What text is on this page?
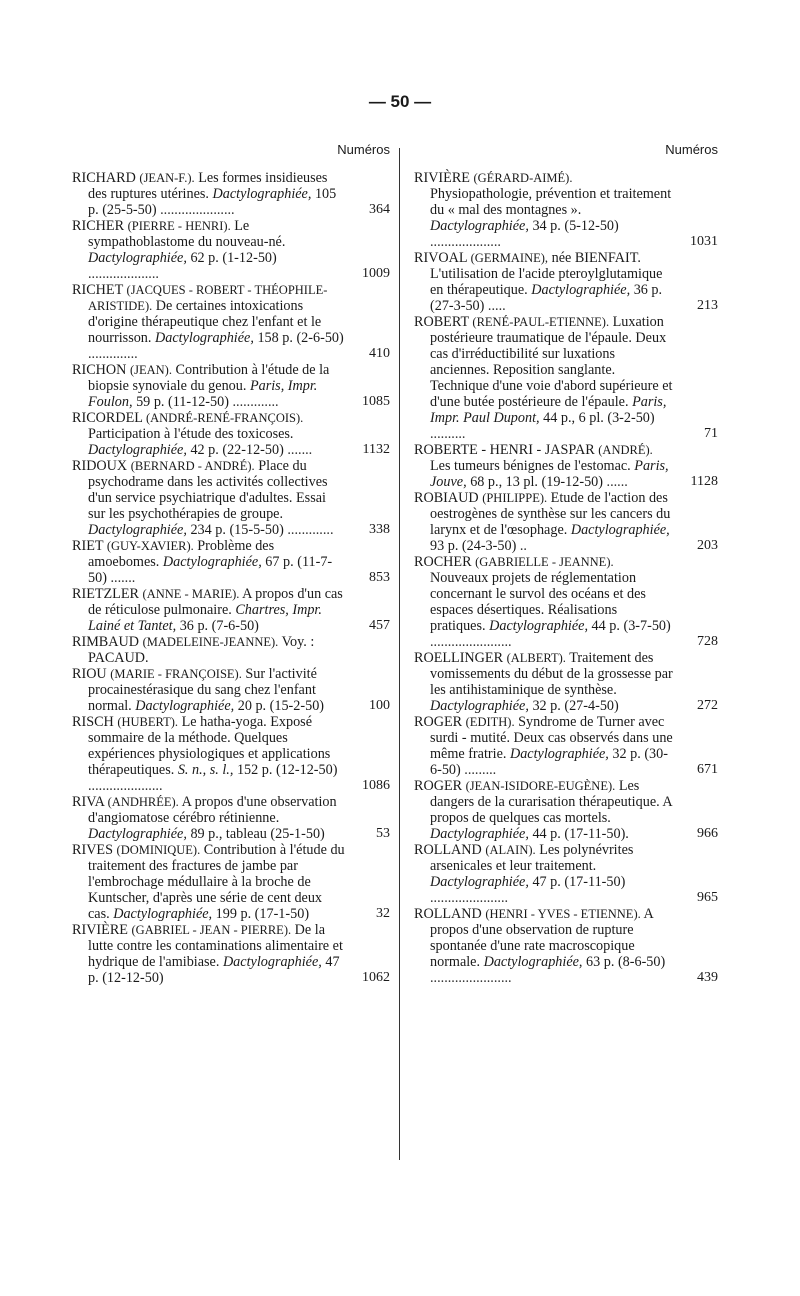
— 50 —
Numéros

RICHARD (JEAN-F.). Les formes insidieuses des ruptures utérines. Dactylographiée, 105 p. (25-5-50) .....................	364

RICHER (PIERRE - HENRI). Le sympathoblastome du nouveau-né. Dactylographiée, 62 p. (1-12-50) ....................	1009

RICHET (JACQUES - ROBERT - THÉOPHILE-ARISTIDE). De certaines intoxications d'origine thérapeutique chez l'enfant et le nourrisson. Dactylographiée, 158 p. (2-6-50) ..............	410

RICHON (JEAN). Contribution à l'étude de la biopsie synoviale du genou. Paris, Impr. Foulon, 59 p. (11-12-50) .............	1085

RICORDEL (ANDRÉ-RENÉ-FRANÇOIS). Participation à l'étude des toxicoses. Dactylographiée, 42 p. (22-12-50) .......	1132

RIDOUX (BERNARD - ANDRÉ). Place du psychodrame dans les activités collectives d'un service psychiatrique d'adultes. Essai sur les psychothérapies de groupe. Dactylographiée, 234 p. (15-5-50) .............	338

RIET (GUY-XAVIER). Problème des amoebomes. Dactylographiée, 67 p. (11-7-50) .......	853

RIETZLER (ANNE - MARIE). A propos d'un cas de réticulose pulmonaire. Chartres, Impr. Lainé et Tantet, 36 p. (7-6-50)	457

RIMBAUD (MADELEINE-JEANNE). Voy. : PACAUD.

RIOU (MARIE - FRANÇOISE). Sur l'activité procainestérasique du sang chez l'enfant normal. Dactylographiée, 20 p. (15-2-50)	100

RISCH (HUBERT). Le hatha-yoga. Exposé sommaire de la méthode. Quelques expériences physiologiques et applications thérapeutiques. S. n., s. l., 152 p. (12-12-50) .....................	1086

RIVA (ANDHRÉE). A propos d'une observation d'angiomatose cérébro rétinienne. Dactylographiée, 89 p., tableau (25-1-50)	53

RIVES (DOMINIQUE). Contribution à l'étude du traitement des fractures de jambe par l'embrochage médullaire à la broche de Kuntscher, d'après une série de cent deux cas. Dactylographiée, 199 p. (17-1-50)	32

RIVIÈRE (GABRIEL - JEAN - PIERRE). De la lutte contre les contaminations alimentaire et hydrique de l'amibiase. Dactylographiée, 47 p. (12-12-50)	1062

Numéros

RIVIÈRE (GÉRARD-AIMÉ). Physiopathologie, prévention et traitement du « mal des montagnes ». Dactylographiée, 34 p. (5-12-50) ....................	1031

RIVOAL (GERMAINE), née BIENFAIT. L'utilisation de l'acide pteroylglutamique en thérapeutique. Dactylographiée, 36 p. (27-3-50) .....	213

ROBERT (RENÉ-PAUL-ETIENNE). Luxation postérieure traumatique de l'épaule. Deux cas d'irréductibilité sur luxations anciennes. Reposition sanglante. Technique d'une voie d'abord supérieure et d'une butée postérieure de l'épaule. Paris, Impr. Paul Dupont, 44 p., 6 pl. (3-2-50) ..........	71

ROBERTE - HENRI - JASPAR (ANDRÉ). Les tumeurs bénignes de l'estomac. Paris, Jouve, 68 p., 13 pl. (19-12-50) ......	1128

ROBIAUD (PHILIPPE). Etude de l'action des oestrogènes de synthèse sur les cancers du larynx et de l'œsophage. Dactylographiée, 93 p. (24-3-50) ..	203

ROCHER (GABRIELLE - JEANNE). Nouveaux projets de réglementation concernant le survol des océans et des espaces désertiques. Réalisations pratiques. Dactylographiée, 44 p. (3-7-50) .......................	728

ROELLINGER (ALBERT). Traitement des vomissements du début de la grossesse par les antihistaminique de synthèse. Dactylographiée, 32 p. (27-4-50)	272

ROGER (EDITH). Syndrome de Turner avec surdi - mutité. Deux cas observés dans une même fratrie. Dactylographiée, 32 p. (30-6-50) .........	671

ROGER (JEAN-ISIDORE-EUGÈNE). Les dangers de la curarisation thérapeutique. A propos de quelques cas mortels. Dactylographiée, 44 p. (17-11-50).	966

ROLLAND (ALAIN). Les polynévrites arsenicales et leur traitement. Dactylographiée, 47 p. (17-11-50) ......................	965

ROLLAND (HENRI - YVES - ETIENNE). A propos d'une observation de rupture spontanée d'une rate macroscopique normale. Dactylographiée, 63 p. (8-6-50) .......................	439
